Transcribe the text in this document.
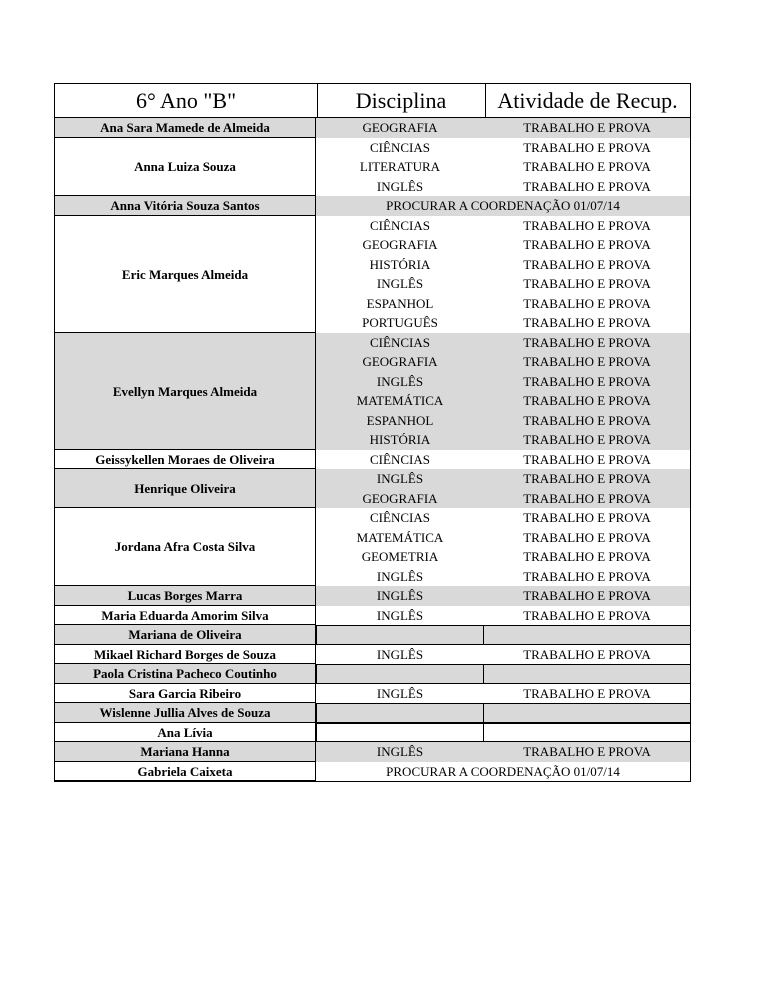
6° Ano "B"	Disciplina	Atividade de Recup.
Ana Sara Mamede de Almeida	GEOGRAFIA	TRABALHO E PROVA
Anna Luiza Souza
CIÊNCIAS	TRABALHO E PROVA
LITERATURA	TRABALHO E PROVA
INGLÊS	TRABALHO E PROVA
Anna Vitória Souza Santos	PROCURAR A COORDENAÇÃO 01/07/14
Eric Marques Almeida
CIÊNCIAS	TRABALHO E PROVA
GEOGRAFIA	TRABALHO E PROVA
HISTÓRIA	TRABALHO E PROVA
INGLÊS	TRABALHO E PROVA
ESPANHOL	TRABALHO E PROVA
PORTUGUÊS	TRABALHO E PROVA
Evellyn Marques Almeida
CIÊNCIAS	TRABALHO E PROVA
GEOGRAFIA	TRABALHO E PROVA
INGLÊS	TRABALHO E PROVA
MATEMÁTICA	TRABALHO E PROVA
ESPANHOL	TRABALHO E PROVA
HISTÓRIA	TRABALHO E PROVA
Geissykellen Moraes de Oliveira	CIÊNCIAS	TRABALHO E PROVA
Henrique Oliveira
INGLÊS	TRABALHO E PROVA
GEOGRAFIA	TRABALHO E PROVA
Jordana Afra Costa Silva
CIÊNCIAS	TRABALHO E PROVA
MATEMÁTICA	TRABALHO E PROVA
GEOMETRIA	TRABALHO E PROVA
INGLÊS	TRABALHO E PROVA
Lucas Borges Marra	INGLÊS	TRABALHO E PROVA
Maria Eduarda Amorim Silva	INGLÊS	TRABALHO E PROVA
Mariana de Oliveira
Mikael Richard Borges de Souza	INGLÊS	TRABALHO E PROVA
Paola Cristina Pacheco Coutinho
Sara Garcia Ribeiro	INGLÊS	TRABALHO E PROVA
Wislenne Jullia Alves de Souza
Ana Lívia
Mariana Hanna	INGLÊS	TRABALHO E PROVA
Gabriela Caixeta	PROCURAR A COORDENAÇÃO 01/07/14
